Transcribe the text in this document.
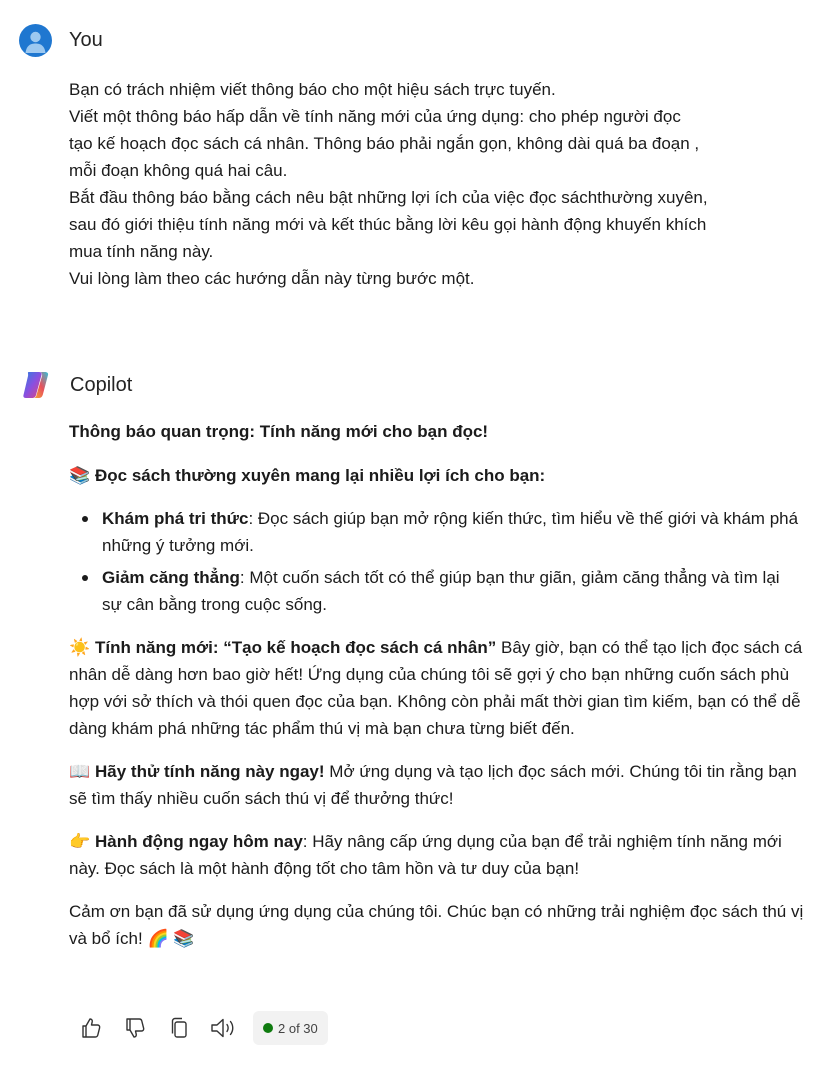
You

Bạn có trách nhiệm viết thông báo cho một hiệu sách trực tuyến.

Viết một thông báo hấp dẫn về tính năng mới của ứng dụng: cho phép người đọc

tạo kế hoạch đọc sách cá nhân. Thông báo phải ngắn gọn, không dài quá ba đoạn ,

mỗi đoạn không quá hai câu.

Bắt đầu thông báo bằng cách nêu bật những lợi ích của việc đọc sáchthường xuyên,

sau đó giới thiệu tính năng mới và kết thúc bằng lời kêu gọi hành động khuyến khích

mua tính năng này.

Vui lòng làm theo các hướng dẫn này từng bước một.

Copilot

Thông báo quan trọng: Tính năng mới cho bạn đọc!

📚 Đọc sách thường xuyên mang lại nhiều lợi ích cho bạn:

Khám phá tri thức: Đọc sách giúp bạn mở rộng kiến thức, tìm hiểu về thế giới và khám phá những ý tưởng mới.
Giảm căng thẳng: Một cuốn sách tốt có thể giúp bạn thư giãn, giảm căng thẳng và tìm lại sự cân bằng trong cuộc sống.

☀️ Tính năng mới: “Tạo kế hoạch đọc sách cá nhân” Bây giờ, bạn có thể tạo lịch đọc sách cá nhân dễ dàng hơn bao giờ hết! Ứng dụng của chúng tôi sẽ gợi ý cho bạn những cuốn sách phù hợp với sở thích và thói quen đọc của bạn. Không còn phải mất thời gian tìm kiếm, bạn có thể dễ dàng khám phá những tác phẩm thú vị mà bạn chưa từng biết đến.

📖 Hãy thử tính năng này ngay! Mở ứng dụng và tạo lịch đọc sách mới. Chúng tôi tin rằng bạn sẽ tìm thấy nhiều cuốn sách thú vị để thưởng thức!

👉 Hành động ngay hôm nay: Hãy nâng cấp ứng dụng của bạn để trải nghiệm tính năng mới này. Đọc sách là một hành động tốt cho tâm hồn và tư duy của bạn!

Cảm ơn bạn đã sử dụng ứng dụng của chúng tôi. Chúc bạn có những trải nghiệm đọc sách thú vị và bổ ích! 🌈 📚

2 of 30
